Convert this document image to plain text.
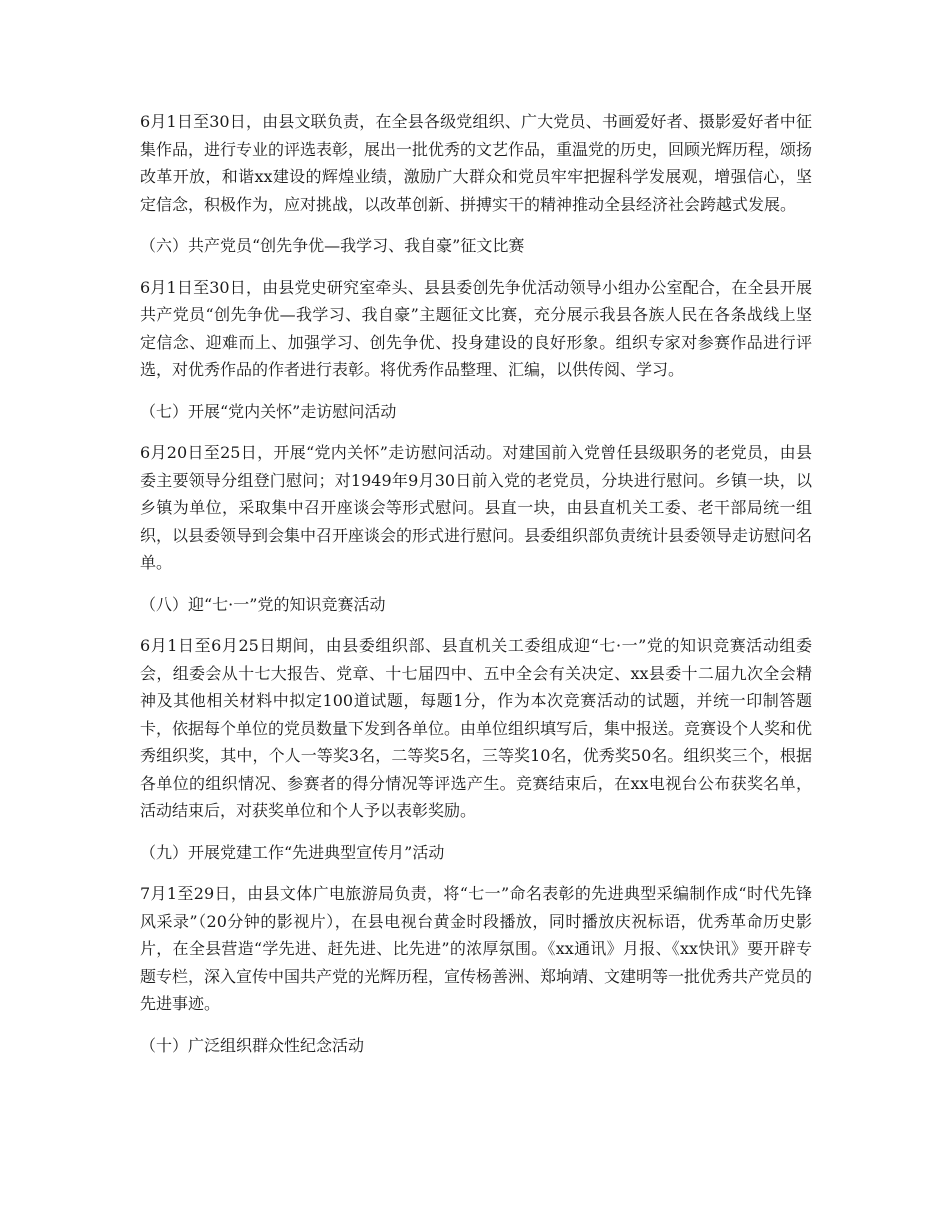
6月1日至30日，由县文联负责，在全县各级党组织、广大党员、书画爱好者、摄影爱好者中征集作品，进行专业的评选表彰，展出一批优秀的文艺作品，重温党的历史，回顾光辉历程，颂扬改革开放，和谐xx建设的辉煌业绩，激励广大群众和党员牢牢把握科学发展观，增强信心，坚定信念，积极作为，应对挑战，以改革创新、拼搏实干的精神推动全县经济社会跨越式发展。

（六）共产党员“创先争优—我学习、我自豪”征文比赛

6月1日至30日，由县党史研究室牵头、县县委创先争优活动领导小组办公室配合，在全县开展共产党员“创先争优—我学习、我自豪”主题征文比赛，充分展示我县各族人民在各条战线上坚定信念、迎难而上、加强学习、创先争优、投身建设的良好形象。组织专家对参赛作品进行评选，对优秀作品的作者进行表彰。将优秀作品整理、汇编，以供传阅、学习。

（七）开展“党内关怀”走访慰问活动

6月20日至25日，开展“党内关怀”走访慰问活动。对建国前入党曾任县级职务的老党员，由县委主要领导分组登门慰问；对1949年9月30日前入党的老党员，分块进行慰问。乡镇一块，以乡镇为单位，采取集中召开座谈会等形式慰问。县直一块，由县直机关工委、老干部局统一组织，以县委领导到会集中召开座谈会的形式进行慰问。县委组织部负责统计县委领导走访慰问名单。

（八）迎“七·一”党的知识竞赛活动

6月1日至6月25日期间，由县委组织部、县直机关工委组成迎“七·一”党的知识竞赛活动组委会，组委会从十七大报告、党章、十七届四中、五中全会有关决定、xx县委十二届九次全会精神及其他相关材料中拟定100道试题，每题1分，作为本次竞赛活动的试题，并统一印制答题卡，依据每个单位的党员数量下发到各单位。由单位组织填写后，集中报送。竞赛设个人奖和优秀组织奖，其中，个人一等奖3名，二等奖5名，三等奖10名，优秀奖50名。组织奖三个，根据各单位的组织情况、参赛者的得分情况等评选产生。竞赛结束后，在xx电视台公布获奖名单，活动结束后，对获奖单位和个人予以表彰奖励。

（九）开展党建工作“先进典型宣传月”活动

7月1至29日，由县文体广电旅游局负责，将“七一”命名表彰的先进典型采编制作成“时代先锋风采录”（20分钟的影视片），在县电视台黄金时段播放，同时播放庆祝标语，优秀革命历史影片，在全县营造“学先进、赶先进、比先进”的浓厚氛围。《xx通讯》月报、《xx快讯》要开辟专题专栏，深入宣传中国共产党的光辉历程，宣传杨善洲、郑垧靖、文建明等一批优秀共产党员的先进事迹。

（十）广泛组织群众性纪念活动
